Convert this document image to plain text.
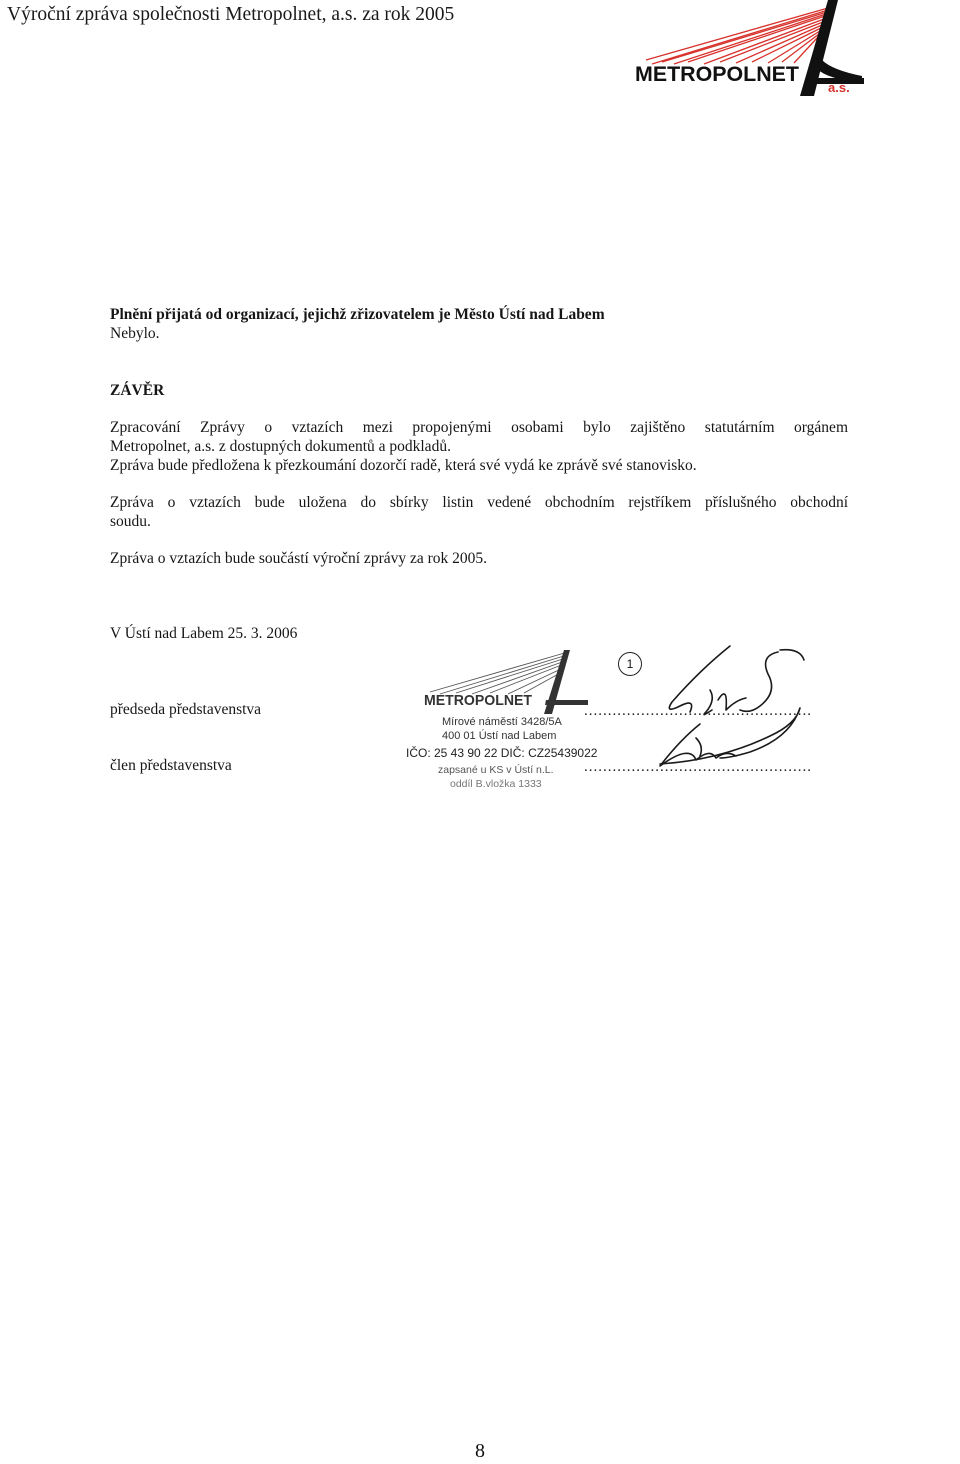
Výroční zpráva společnosti Metropolnet, a.s. za rok 2005
a.s.
METROPOLNET
Plnění přijatá od organizací, jejichž zřizovatelem je Město Ústí nad Labem
Nebylo.
ZÁVĚR
Zpracování Zprávy o vztazích mezi propojenými osobami bylo zajištěno statutárním orgánem
Metropolnet, a.s. z dostupných dokumentů a podkladů.
Zpráva bude předložena k přezkoumání dozorčí radě, která své vydá ke zprávě své stanovisko.
Zpráva o vztazích bude uložena do sbírky listin vedené obchodním rejstříkem příslušného obchodní
soudu.
Zpráva o vztazích bude součástí výroční zprávy za rok 2005.
V Ústí nad Labem 25. 3. 2006
předseda představenstva
člen představenstva
METROPOLNET
Mírové náměstí 3428/5A
400 01 Ústí nad Labem
IČO: 25 43 90 22 DIČ: CZ25439022
zapsané u KS v Ústí n.L.
oddíl B.vložka 1333
1
................................................
................................................
8
